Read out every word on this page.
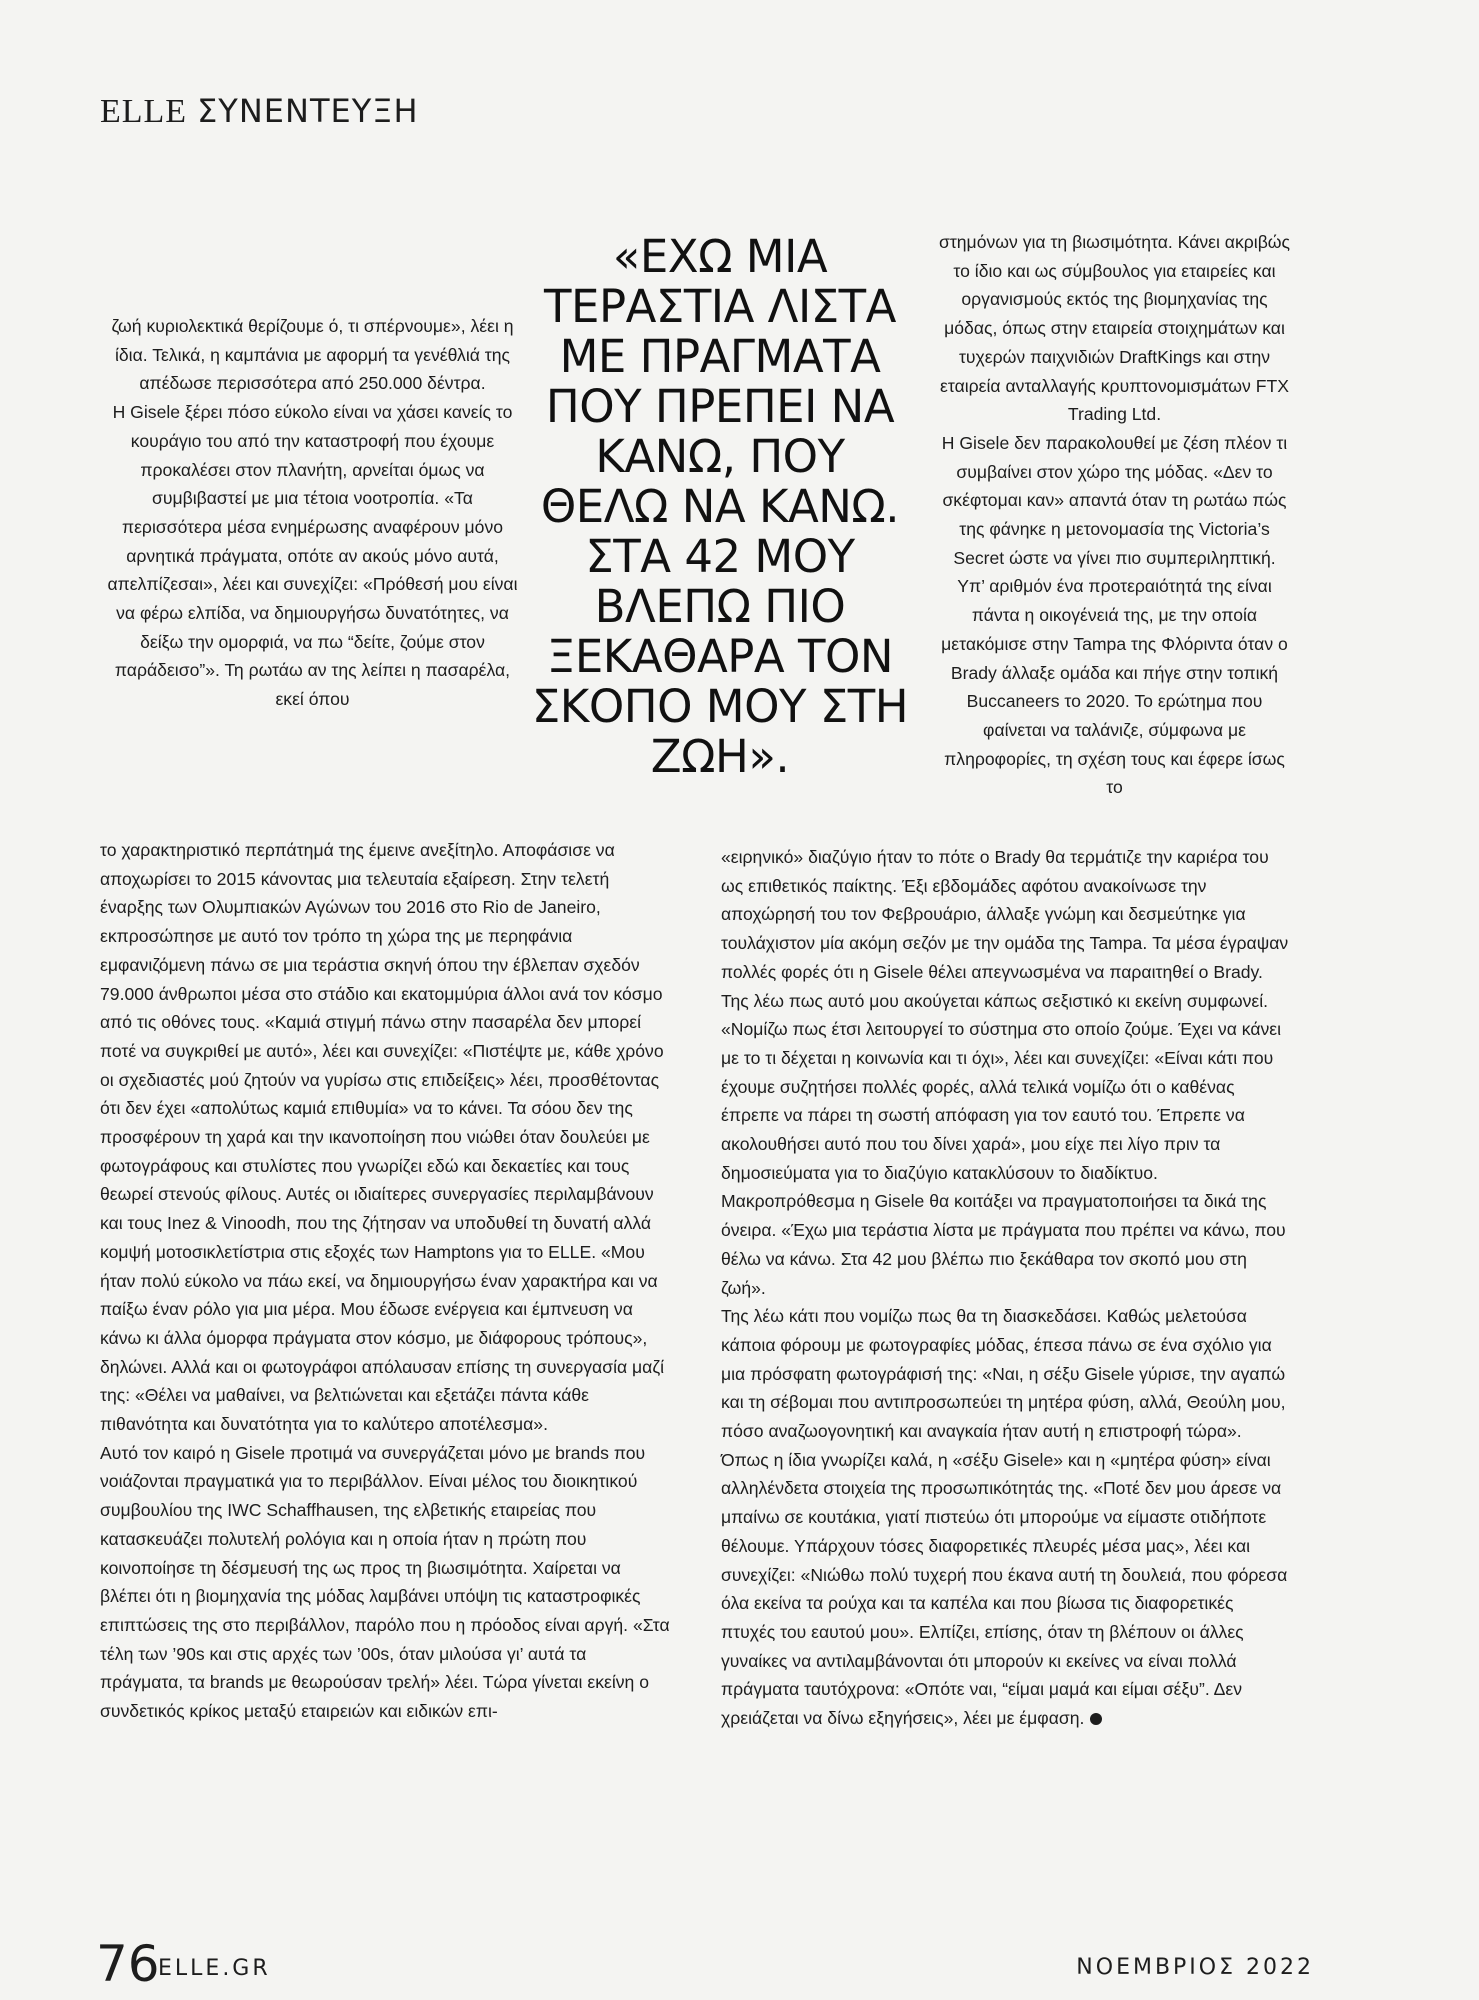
ELLE ΣΥΝΕΝΤΕΥΞΗ

ζωή κυριολεκτικά θερίζουμε ό, τι σπέρνουμε», λέει η ίδια. Τελικά, η καμπάνια με αφορμή τα γενέθλιά της απέδωσε περισσότερα από 250.000 δέντρα.

Η Gisele ξέρει πόσο εύκολο είναι να χάσει κανείς το κουράγιο του από την καταστροφή που έχουμε προκαλέσει στον πλανήτη, αρνείται όμως να συμβιβαστεί με μια τέτοια νοοτροπία. «Τα περισσότερα μέσα ενημέρωσης αναφέρουν μόνο αρνητικά πράγματα, οπότε αν ακούς μόνο αυτά, απελπίζεσαι», λέει και συνεχίζει: «Πρόθεσή μου είναι να φέρω ελπίδα, να δημιουργήσω δυνατότητες, να δείξω την ομορφιά, να πω “δείτε, ζούμε στον παράδεισο”». Τη ρωτάω αν της λείπει η πασαρέλα, εκεί όπου

«ΕΧΩ ΜΙΑ ΤΕΡΑΣΤΙΑ ΛΙΣΤΑ ΜΕ ΠΡΑΓΜΑΤΑ ΠΟΥ ΠΡΕΠΕΙ ΝΑ ΚΑΝΩ, ΠΟΥ ΘΕΛΩ ΝΑ ΚΑΝΩ. ΣΤΑ 42 ΜΟΥ ΒΛΕΠΩ ΠΙΟ ΞΕΚΑΘΑΡΑ ΤΟΝ ΣΚΟΠΟ ΜΟΥ ΣΤΗ ΖΩΗ».

στημόνων για τη βιωσιμότητα. Κάνει ακριβώς το ίδιο και ως σύμβουλος για εταιρείες και οργανισμούς εκτός της βιομηχανίας της μόδας, όπως στην εταιρεία στοιχημάτων και τυχερών παιχνιδιών DraftKings και στην εταιρεία ανταλλαγής κρυπτονομισμάτων FTX Trading Ltd.

Η Gisele δεν παρακολουθεί με ζέση πλέον τι συμβαίνει στον χώρο της μόδας. «Δεν το σκέφτομαι καν» απαντά όταν τη ρωτάω πώς της φάνηκε η μετονομασία της Victoria’s Secret ώστε να γίνει πιο συμπεριληπτική.

Υπ’ αριθμόν ένα προτεραιότητά της είναι πάντα η οικογένειά της, με την οποία μετακόμισε στην Tampa της Φλόριντα όταν ο Brady άλλαξε ομάδα και πήγε στην τοπική Buccaneers το 2020. Το ερώτημα που φαίνεται να ταλάνιζε, σύμφωνα με πληροφορίες, τη σχέση τους και έφερε ίσως το

το χαρακτηριστικό περπάτημά της έμεινε ανεξίτηλο. Αποφάσισε να αποχωρίσει το 2015 κάνοντας μια τελευταία εξαίρεση. Στην τελετή έναρξης των Ολυμπιακών Αγώνων του 2016 στο Rio de Janeiro, εκπροσώπησε με αυτό τον τρόπο τη χώρα της με περηφάνια εμφανιζόμενη πάνω σε μια τεράστια σκηνή όπου την έβλεπαν σχεδόν 79.000 άνθρωποι μέσα στο στάδιο και εκατομμύρια άλλοι ανά τον κόσμο από τις οθόνες τους. «Καμιά στιγμή πάνω στην πασαρέλα δεν μπορεί ποτέ να συγκριθεί με αυτό», λέει και συνεχίζει: «Πιστέψτε με, κάθε χρόνο οι σχεδιαστές μού ζητούν να γυρίσω στις επιδείξεις» λέει, προσθέτοντας ότι δεν έχει «απολύτως καμιά επιθυμία» να το κάνει. Τα σόου δεν της προσφέρουν τη χαρά και την ικανοποίηση που νιώθει όταν δουλεύει με φωτογράφους και στυλίστες που γνωρίζει εδώ και δεκαετίες και τους θεωρεί στενούς φίλους. Αυτές οι ιδιαίτερες συνεργασίες περιλαμβάνουν και τους Inez & Vinoodh, που της ζήτησαν να υποδυθεί τη δυνατή αλλά κομψή μοτοσικλετίστρια στις εξοχές των Hamptons για το ELLE. «Μου ήταν πολύ εύκολο να πάω εκεί, να δημιουργήσω έναν χαρακτήρα και να παίξω έναν ρόλο για μια μέρα. Μου έδωσε ενέργεια και έμπνευση να κάνω κι άλλα όμορφα πράγματα στον κόσμο, με διάφορους τρόπους», δηλώνει. Αλλά και οι φωτογράφοι απόλαυσαν επίσης τη συνεργασία μαζί της: «Θέλει να μαθαίνει, να βελτιώνεται και εξετάζει πάντα κάθε πιθανότητα και δυνατότητα για το καλύτερο αποτέλεσμα».

Αυτό τον καιρό η Gisele προτιμά να συνεργάζεται μόνο με brands που νοιάζονται πραγματικά για το περιβάλλον. Είναι μέλος του διοικητικού συμβουλίου της IWC Schaffhausen, της ελβετικής εταιρείας που κατασκευάζει πολυτελή ρολόγια και η οποία ήταν η πρώτη που κοινοποίησε τη δέσμευσή της ως προς τη βιωσιμότητα. Χαίρεται να βλέπει ότι η βιομηχανία της μόδας λαμβάνει υπόψη τις καταστροφικές επιπτώσεις της στο περιβάλλον, παρόλο που η πρόοδος είναι αργή. «Στα τέλη των ’90s και στις αρχές των ’00s, όταν μιλούσα γι’ αυτά τα πράγματα, τα brands με θεωρούσαν τρελή» λέει. Τώρα γίνεται εκείνη ο συνδετικός κρίκος μεταξύ εταιρειών και ειδικών επι-

«ειρηνικό» διαζύγιο ήταν το πότε ο Brady θα τερμάτιζε την καριέρα του ως επιθετικός παίκτης. Έξι εβδομάδες αφότου ανακοίνωσε την αποχώρησή του τον Φεβρουάριο, άλλαξε γνώμη και δεσμεύτηκε για τουλάχιστον μία ακόμη σεζόν με την ομάδα της Tampa. Τα μέσα έγραψαν πολλές φορές ότι η Gisele θέλει απεγνωσμένα να παραιτηθεί ο Brady. Της λέω πως αυτό μου ακούγεται κάπως σεξιστικό κι εκείνη συμφωνεί. «Νομίζω πως έτσι λειτουργεί το σύστημα στο οποίο ζούμε. Έχει να κάνει με το τι δέχεται η κοινωνία και τι όχι», λέει και συνεχίζει: «Είναι κάτι που έχουμε συζητήσει πολλές φορές, αλλά τελικά νομίζω ότι ο καθένας έπρεπε να πάρει τη σωστή απόφαση για τον εαυτό του. Έπρεπε να ακολουθήσει αυτό που του δίνει χαρά», μου είχε πει λίγο πριν τα δημοσιεύματα για το διαζύγιο κατακλύσουν το διαδίκτυο.

Μακροπρόθεσμα η Gisele θα κοιτάξει να πραγματοποιήσει τα δικά της όνειρα. «Έχω μια τεράστια λίστα με πράγματα που πρέπει να κάνω, που θέλω να κάνω. Στα 42 μου βλέπω πιο ξεκάθαρα τον σκοπό μου στη ζωή».

Της λέω κάτι που νομίζω πως θα τη διασκεδάσει. Καθώς μελετούσα κάποια φόρουμ με φωτογραφίες μόδας, έπεσα πάνω σε ένα σχόλιο για μια πρόσφατη φωτογράφισή της: «Ναι, η σέξυ Gisele γύρισε, την αγαπώ και τη σέβομαι που αντιπροσωπεύει τη μητέρα φύση, αλλά, Θεούλη μου, πόσο αναζωογονητική και αναγκαία ήταν αυτή η επιστροφή τώρα». Όπως η ίδια γνωρίζει καλά, η «σέξυ Gisele» και η «μητέρα φύση» είναι αλληλένδετα στοιχεία της προσωπικότητάς της. «Ποτέ δεν μου άρεσε να μπαίνω σε κουτάκια, γιατί πιστεύω ότι μπορούμε να είμαστε οτιδήποτε θέλουμε. Υπάρχουν τόσες διαφορετικές πλευρές μέσα μας», λέει και συνεχίζει: «Νιώθω πολύ τυχερή που έκανα αυτή τη δουλειά, που φόρεσα όλα εκείνα τα ρούχα και τα καπέλα και που βίωσα τις διαφορετικές πτυχές του εαυτού μου». Ελπίζει, επίσης, όταν τη βλέπουν οι άλλες γυναίκες να αντιλαμβάνονται ότι μπορούν κι εκείνες να είναι πολλά πράγματα ταυτόχρονα: «Οπότε ναι, “είμαι μαμά και είμαι σέξυ”. Δεν χρειάζεται να δίνω εξηγήσεις», λέει με έμφαση.

76
ELLE.GR	ΝΟΕΜΒΡΙΟΣ 2022
